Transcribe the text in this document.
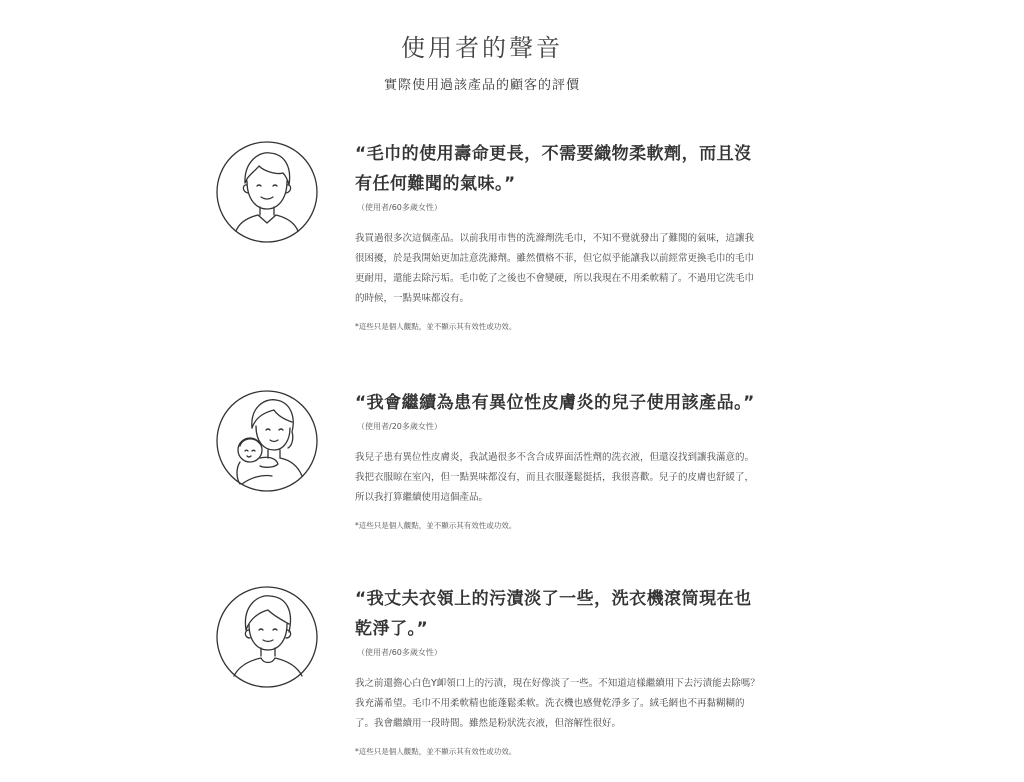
使用者的聲音
實際使用過該產品的顧客的評價

“毛巾的使用壽命更長，不需要織物柔軟劑，而且沒有任何難聞的氣味。”

（使用者/60多歲女性）

我買過很多次這個產品。以前我用市售的洗滌劑洗毛巾，不知不覺就發出了難聞的氣味，這讓我很困擾，於是我開始更加註意洗滌劑。雖然價格不菲，但它似乎能讓我以前經常更換毛巾的毛巾更耐用，還能去除污垢。毛巾乾了之後也不會變硬，所以我現在不用柔軟精了。不過用它洗毛巾的時候，一點異味都沒有。

*這些只是個人觀點，並不顯示其有效性或功效。

“我會繼續為患有異位性皮膚炎的兒子使用該產品。”

（使用者/20多歲女性）

我兒子患有異位性皮膚炎，我試過很多不含合成界面活性劑的洗衣液，但還沒找到讓我滿意的。我把衣服晾在室內，但一點異味都沒有，而且衣服蓬鬆挺括，我很喜歡。兒子的皮膚也舒緩了，所以我打算繼續使用這個產品。

*這些只是個人觀點，並不顯示其有效性或功效。

“我丈夫衣領上的污漬淡了一些，洗衣機滾筒現在也乾淨了。”

（使用者/60多歲女性）

我之前還擔心白色Y卹領口上的污漬，現在好像淡了一些。不知道這樣繼續用下去污漬能去除嗎？我充滿希望。毛巾不用柔軟精也能蓬鬆柔軟。洗衣機也感覺乾淨多了。絨毛網也不再黏糊糊的了。我會繼續用一段時間。雖然是粉狀洗衣液，但溶解性很好。

*這些只是個人觀點，並不顯示其有效性或功效。
